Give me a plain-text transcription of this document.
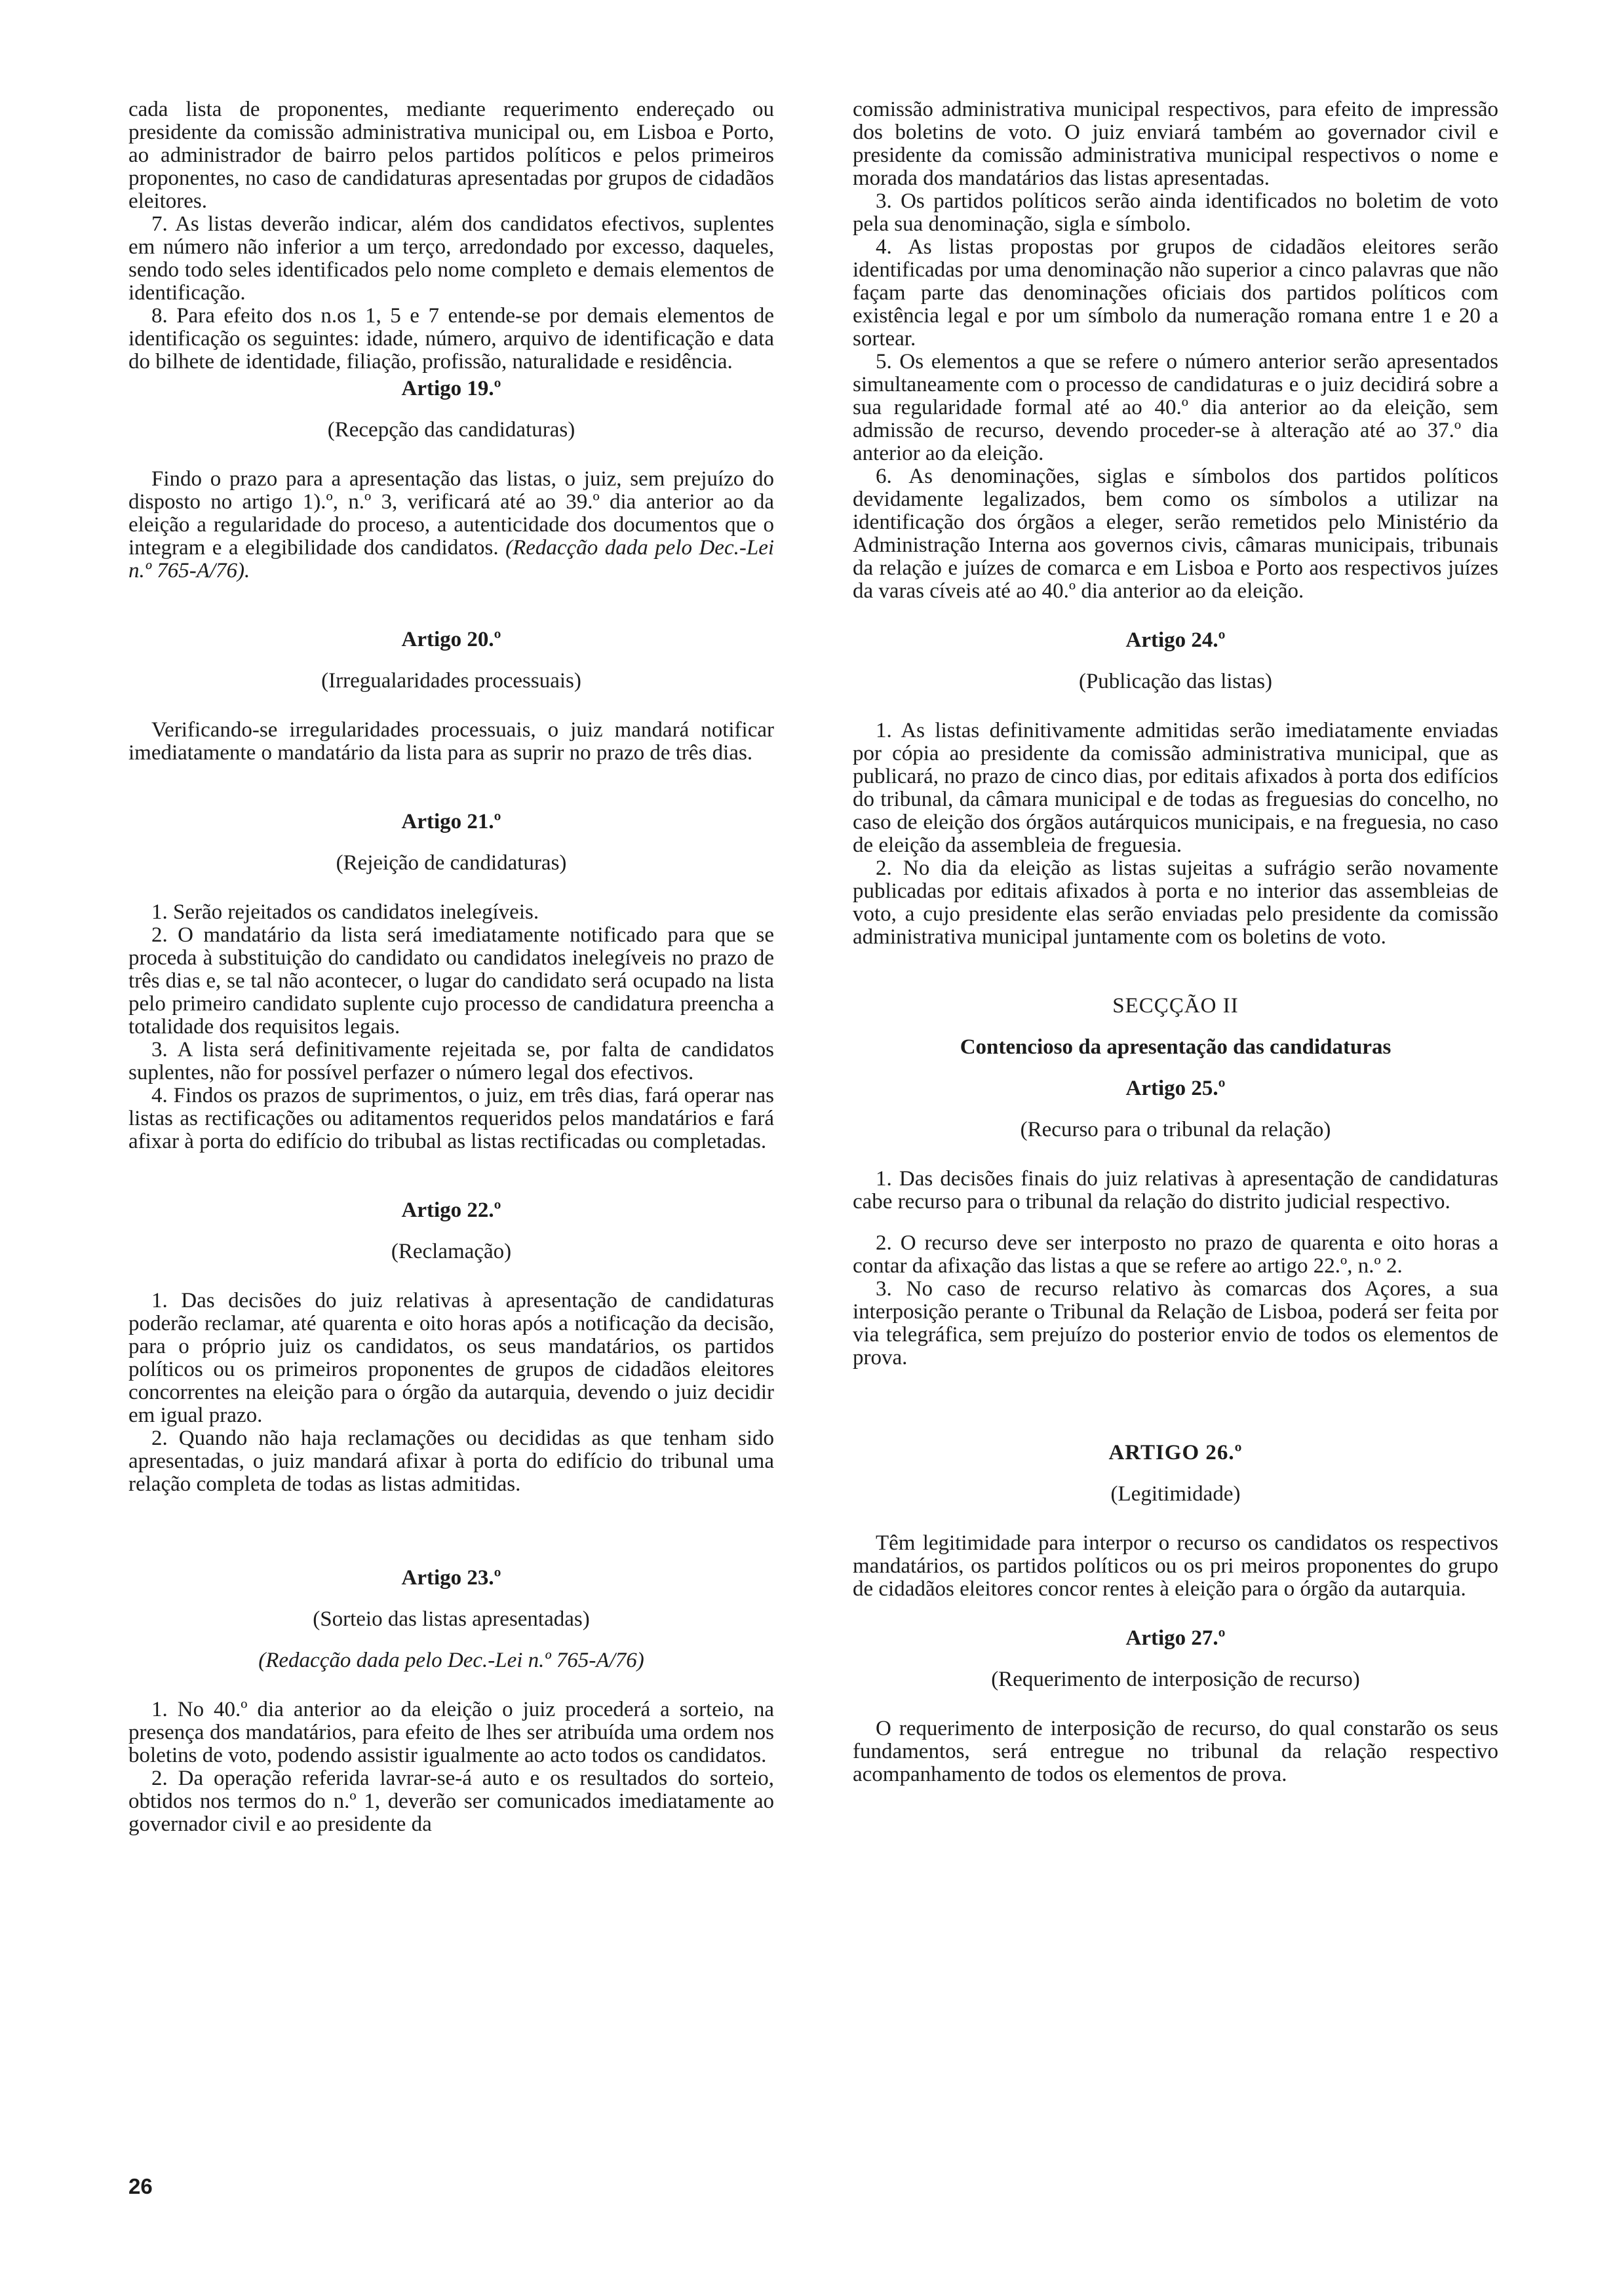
cada lista de proponentes, mediante requerimento endereçado ou presidente da comissão administrativa municipal ou, em Lisboa e Porto, ao administrador de bairro pelos partidos políticos e pelos primeiros proponentes, no caso de candidaturas apresentadas por grupos de cidadãos eleitores.

7. As listas deverão indicar, além dos candidatos efectivos, suplentes em número não inferior a um terço, arredondado por excesso, daqueles, sendo todo seles identificados pelo nome completo e demais elementos de identificação.

8. Para efeito dos n.os 1, 5 e 7 entende-se por demais elementos de identificação os seguintes: idade, número, arquivo de identificação e data do bilhete de identidade, filiação, profissão, naturalidade e residência.

Artigo 19.º

(Recepção das candidaturas)

Findo o prazo para a apresentação das listas, o juiz, sem prejuízo do disposto no artigo 1).º, n.º 3, verificará até ao 39.º dia anterior ao da eleição a regularidade do proceso, a autenticidade dos documentos que o integram e a elegibilidade dos candidatos. (Redacção dada pelo Dec.-Lei n.º 765-A/76).

Artigo 20.º

(Irregualaridades processuais)

Verificando-se irregularidades processuais, o juiz mandará notificar imediatamente o mandatário da lista para as suprir no prazo de três dias.

Artigo 21.º

(Rejeição de candidaturas)

1. Serão rejeitados os candidatos inelegíveis.

2. O mandatário da lista será imediatamente notificado para que se proceda à substituição do candidato ou candidatos inelegíveis no prazo de três dias e, se tal não acontecer, o lugar do candidato será ocupado na lista pelo primeiro candidato suplente cujo processo de candidatura preencha a totalidade dos requisitos legais.

3. A lista será definitivamente rejeitada se, por falta de candidatos suplentes, não for possível perfazer o número legal dos efectivos.

4. Findos os prazos de suprimentos, o juiz, em três dias, fará operar nas listas as rectificações ou aditamentos requeridos pelos mandatários e fará afixar à porta do edifício do tribubal as listas rectificadas ou completadas.

Artigo 22.º

(Reclamação)

1. Das decisões do juiz relativas à apresentação de candidaturas poderão reclamar, até quarenta e oito horas após a notificação da decisão, para o próprio juiz os candidatos, os seus mandatários, os partidos políticos ou os primeiros proponentes de grupos de cidadãos eleitores concorrentes na eleição para o órgão da autarquia, devendo o juiz decidir em igual prazo.

2. Quando não haja reclamações ou decididas as que tenham sido apresentadas, o juiz mandará afixar à porta do edifício do tribunal uma relação completa de todas as listas admitidas.

Artigo 23.º

(Sorteio das listas apresentadas)

(Redacção dada pelo Dec.-Lei n.º 765-A/76)

1. No 40.º dia anterior ao da eleição o juiz procederá a sorteio, na presença dos mandatários, para efeito de lhes ser atribuída uma ordem nos boletins de voto, podendo assistir igualmente ao acto todos os candidatos.

2. Da operação referida lavrar-se-á auto e os resultados do sorteio, obtidos nos termos do n.º 1, deverão ser comunicados imediatamente ao governador civil e ao presidente da

comissão administrativa municipal respectivos, para efeito de impressão dos boletins de voto. O juiz enviará também ao governador civil e presidente da comissão administrativa municipal respectivos o nome e morada dos mandatários das listas apresentadas.

3. Os partidos políticos serão ainda identificados no boletim de voto pela sua denominação, sigla e símbolo.

4. As listas propostas por grupos de cidadãos eleitores serão identificadas por uma denominação não superior a cinco palavras que não façam parte das denominações oficiais dos partidos políticos com existência legal e por um símbolo da numeração romana entre 1 e 20 a sortear.

5. Os elementos a que se refere o número anterior serão apresentados simultaneamente com o processo de candidaturas e o juiz decidirá sobre a sua regularidade formal até ao 40.º dia anterior ao da eleição, sem admissão de recurso, devendo proceder-se à alteração até ao 37.º dia anterior ao da eleição.

6. As denominações, siglas e símbolos dos partidos políticos devidamente legalizados, bem como os símbolos a utilizar na identificação dos órgãos a eleger, serão remetidos pelo Ministério da Administração Interna aos governos civis, câmaras municipais, tribunais da relação e juízes de comarca e em Lisboa e Porto aos respectivos juízes da varas cíveis até ao 40.º dia anterior ao da eleição.

Artigo 24.º

(Publicação das listas)

1. As listas definitivamente admitidas serão imediatamente enviadas por cópia ao presidente da comissão administrativa municipal, que as publicará, no prazo de cinco dias, por editais afixados à porta dos edifícios do tribunal, da câmara municipal e de todas as freguesias do concelho, no caso de eleição dos órgãos autárquicos municipais, e na freguesia, no caso de eleição da assembleia de freguesia.

2. No dia da eleição as listas sujeitas a sufrágio serão novamente publicadas por editais afixados à porta e no interior das assembleias de voto, a cujo presidente elas serão enviadas pelo presidente da comissão administrativa municipal juntamente com os boletins de voto.

SECÇÇÃO II

Contencioso da apresentação das candidaturas

Artigo 25.º

(Recurso para o tribunal da relação)

1. Das decisões finais do juiz relativas à apresentação de candidaturas cabe recurso para o tribunal da relação do distrito judicial respectivo.

2. O recurso deve ser interposto no prazo de quarenta e oito horas a contar da afixação das listas a que se refere ao artigo 22.º, n.º 2.

3. No caso de recurso relativo às comarcas dos Açores, a sua interposição perante o Tribunal da Relação de Lisboa, poderá ser feita por via telegráfica, sem prejuízo do posterior envio de todos os elementos de prova.

ARTIGO 26.º

(Legitimidade)

Têm legitimidade para interpor o recurso os candidatos os respectivos mandatários, os partidos políticos ou os pri meiros proponentes do grupo de cidadãos eleitores concor rentes à eleição para o órgão da autarquia.

Artigo 27.º

(Requerimento de interposição de recurso)

O requerimento de interposição de recurso, do qual constarão os seus fundamentos, será entregue no tribunal da relação respectivo acompanhamento de todos os elementos de prova.

26
